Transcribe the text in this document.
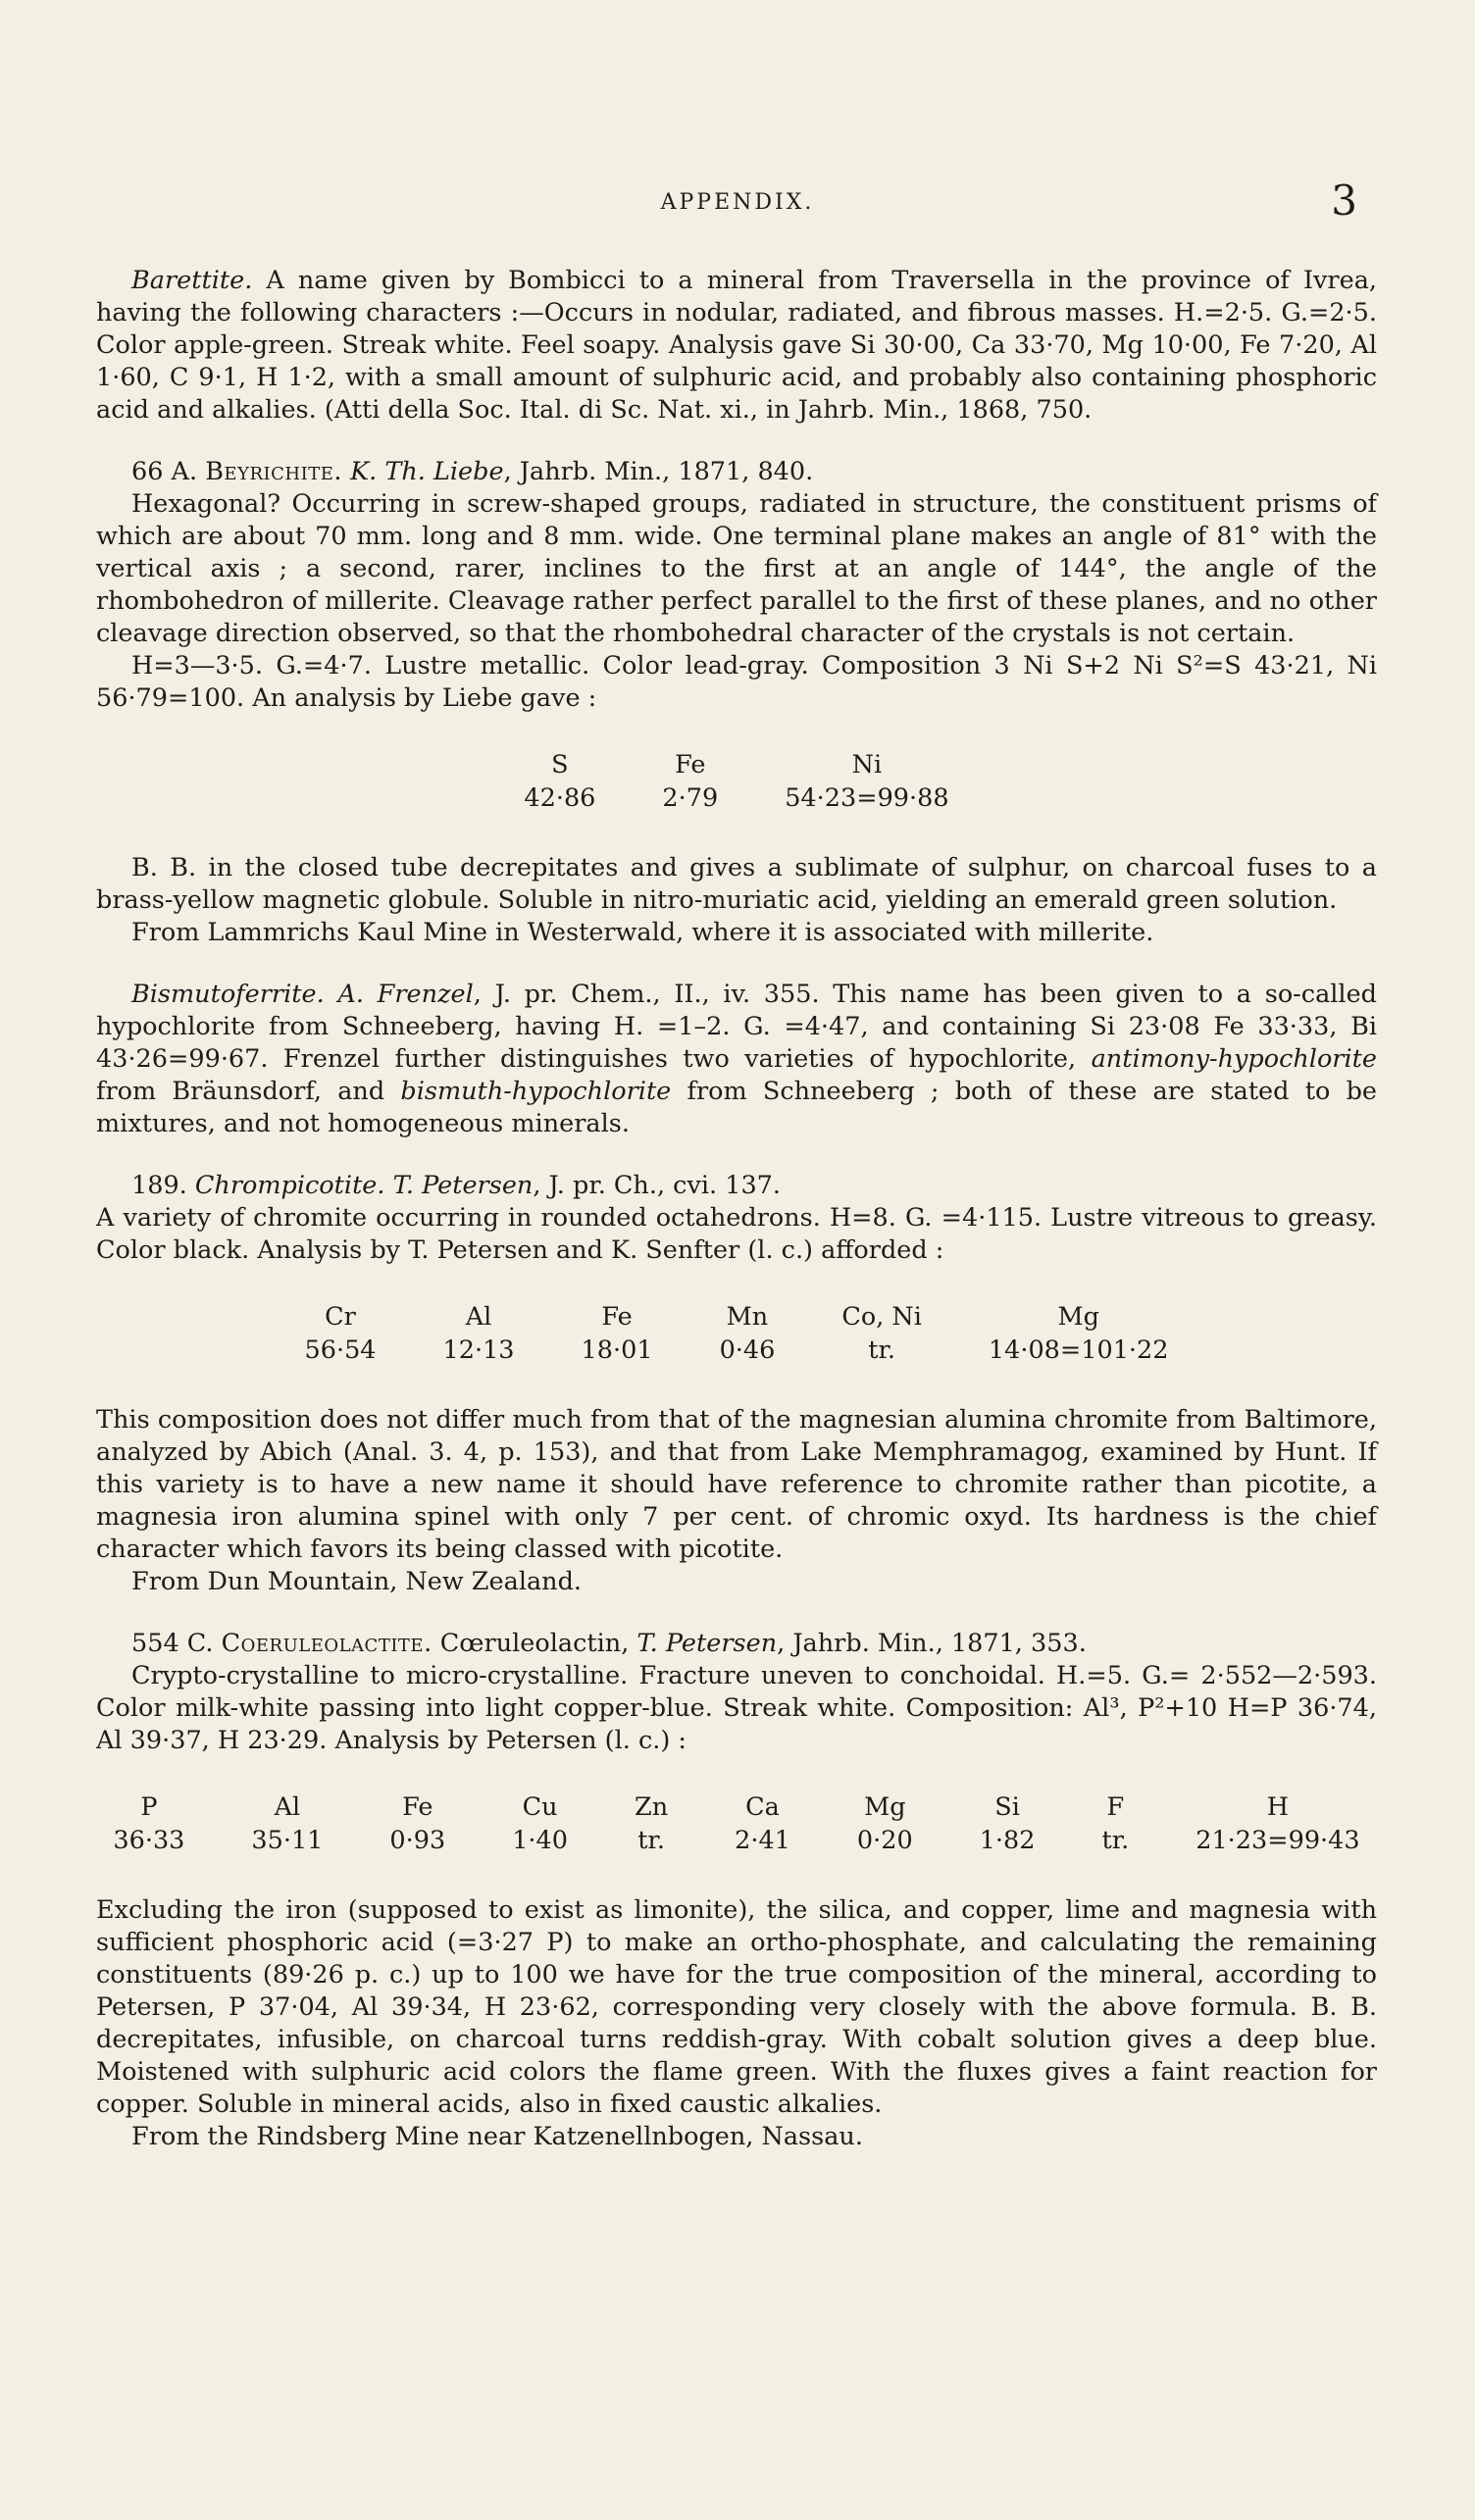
APPENDIX.	3

Barettite. A name given by Bombicci to a mineral from Traversella in the province of Ivrea, having the following characters :—Occurs in nodular, radiated, and fibrous masses. H.=2·5. G.=2·5. Color apple-green. Streak white. Feel soapy. Analysis gave Si 30·00, Ca 33·70, Mg 10·00, Fe 7·20, Al 1·60, C 9·1, H 1·2, with a small amount of sulphuric acid, and probably also containing phosphoric acid and alkalies. (Atti della Soc. Ital. di Sc. Nat. xi., in Jahrb. Min., 1868, 750.

66 A. Beyrichite. K. Th. Liebe, Jahrb. Min., 1871, 840.

Hexagonal? Occurring in screw-shaped groups, radiated in structure, the constituent prisms of which are about 70 mm. long and 8 mm. wide. One terminal plane makes an angle of 81° with the vertical axis ; a second, rarer, inclines to the first at an angle of 144°, the angle of the rhombohedron of millerite. Cleavage rather perfect parallel to the first of these planes, and no other cleavage direction observed, so that the rhombohedral character of the crystals is not certain.

H=3—3·5. G.=4·7. Lustre metallic. Color lead-gray. Composition 3 Ni S+2 Ni S²=S 43·21, Ni 56·79=100. An analysis by Liebe gave :

S
42·86
Fe
2·79
Ni
54·23=99·88

B. B. in the closed tube decrepitates and gives a sublimate of sulphur, on charcoal fuses to a brass-yellow magnetic globule. Soluble in nitro-muriatic acid, yielding an emerald green solution.

From Lammrichs Kaul Mine in Westerwald, where it is associated with millerite.

Bismutoferrite. A. Frenzel, J. pr. Chem., II., iv. 355. This name has been given to a so-called hypochlorite from Schneeberg, having H. =1–2. G. =4·47, and containing Si 23·08 Fe 33·33, Bi 43·26=99·67. Frenzel further distinguishes two varieties of hypochlorite, antimony-hypochlorite from Bräunsdorf, and bismuth-hypochlorite from Schneeberg ; both of these are stated to be mixtures, and not homogeneous minerals.

189. Chrompicotite. T. Petersen, J. pr. Ch., cvi. 137.

A variety of chromite occurring in rounded octahedrons. H=8. G. =4·115. Lustre vitreous to greasy. Color black. Analysis by T. Petersen and K. Senfter (l. c.) afforded :

Cr
56·54
Al
12·13
Fe
18·01
Mn
0·46
Co, Ni
tr.
Mg
14·08=101·22

This composition does not differ much from that of the magnesian alumina chromite from Baltimore, analyzed by Abich (Anal. 3. 4, p. 153), and that from Lake Memphramagog, examined by Hunt. If this variety is to have a new name it should have reference to chromite rather than picotite, a magnesia iron alumina spinel with only 7 per cent. of chromic oxyd. Its hardness is the chief character which favors its being classed with picotite.

From Dun Mountain, New Zealand.

554 C. Coeruleolactite. Cœruleolactin, T. Petersen, Jahrb. Min., 1871, 353.

Crypto-crystalline to micro-crystalline. Fracture uneven to conchoidal. H.=5. G.= 2·552—2·593. Color milk-white passing into light copper-blue. Streak white. Composition: Al³, P²+10 H=P 36·74, Al 39·37, H 23·29. Analysis by Petersen (l. c.) :

P
36·33
Al
35·11
Fe
0·93
Cu
1·40
Zn
tr.
Ca
2·41
Mg
0·20
Si
1·82
F
tr.
H
21·23=99·43

Excluding the iron (supposed to exist as limonite), the silica, and copper, lime and magnesia with sufficient phosphoric acid (=3·27 P) to make an ortho-phosphate, and calculating the remaining constituents (89·26 p. c.) up to 100 we have for the true composition of the mineral, according to Petersen, P 37·04, Al 39·34, H 23·62, corresponding very closely with the above formula. B. B. decrepitates, infusible, on charcoal turns reddish-gray. With cobalt solution gives a deep blue. Moistened with sulphuric acid colors the flame green. With the fluxes gives a faint reaction for copper. Soluble in mineral acids, also in fixed caustic alkalies.

From the Rindsberg Mine near Katzenellnbogen, Nassau.
